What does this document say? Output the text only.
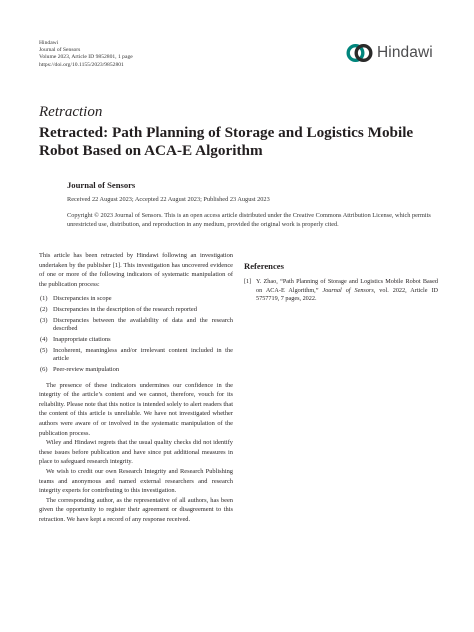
Hindawi
Journal of Sensors
Volume 2023, Article ID 9852801, 1 page
https://doi.org/10.1155/2023/9852801
Hindawi
Retraction
Retracted: Path Planning of Storage and Logistics Mobile Robot Based on ACA-E Algorithm
Journal of Sensors
Received 22 August 2023; Accepted 22 August 2023; Published 23 August 2023
Copyright © 2023 Journal of Sensors. This is an open access article distributed under the Creative Commons Attribution License, which permits unrestricted use, distribution, and reproduction in any medium, provided the original work is properly cited.

This article has been retracted by Hindawi following an investigation undertaken by the publisher [1]. This investigation has uncovered evidence of one or more of the following indicators of systematic manipulation of the publication process:

(1) Discrepancies in scope
(2) Discrepancies in the description of the research reported
(3) Discrepancies between the availability of data and the research described
(4) Inappropriate citations
(5) Incoherent, meaningless and/or irrelevant content included in the article
(6) Peer-review manipulation

The presence of these indicators undermines our confidence in the integrity of the article’s content and we cannot, therefore, vouch for its reliability. Please note that this notice is intended solely to alert readers that the content of this article is unreliable. We have not investigated whether authors were aware of or involved in the systematic manipulation of the publication process.

Wiley and Hindawi regrets that the usual quality checks did not identify these issues before publication and have since put additional measures in place to safeguard research integrity.

We wish to credit our own Research Integrity and Research Publishing teams and anonymous and named external researchers and research integrity experts for contributing to this investigation.

The corresponding author, as the representative of all authors, has been given the opportunity to register their agreement or disagreement to this retraction. We have kept a record of any response received.

References
[1] Y. Zhao, “Path Planning of Storage and Logistics Mobile Robot Based on ACA-E Algorithm,” Journal of Sensors, vol. 2022, Article ID 5757719, 7 pages, 2022.
